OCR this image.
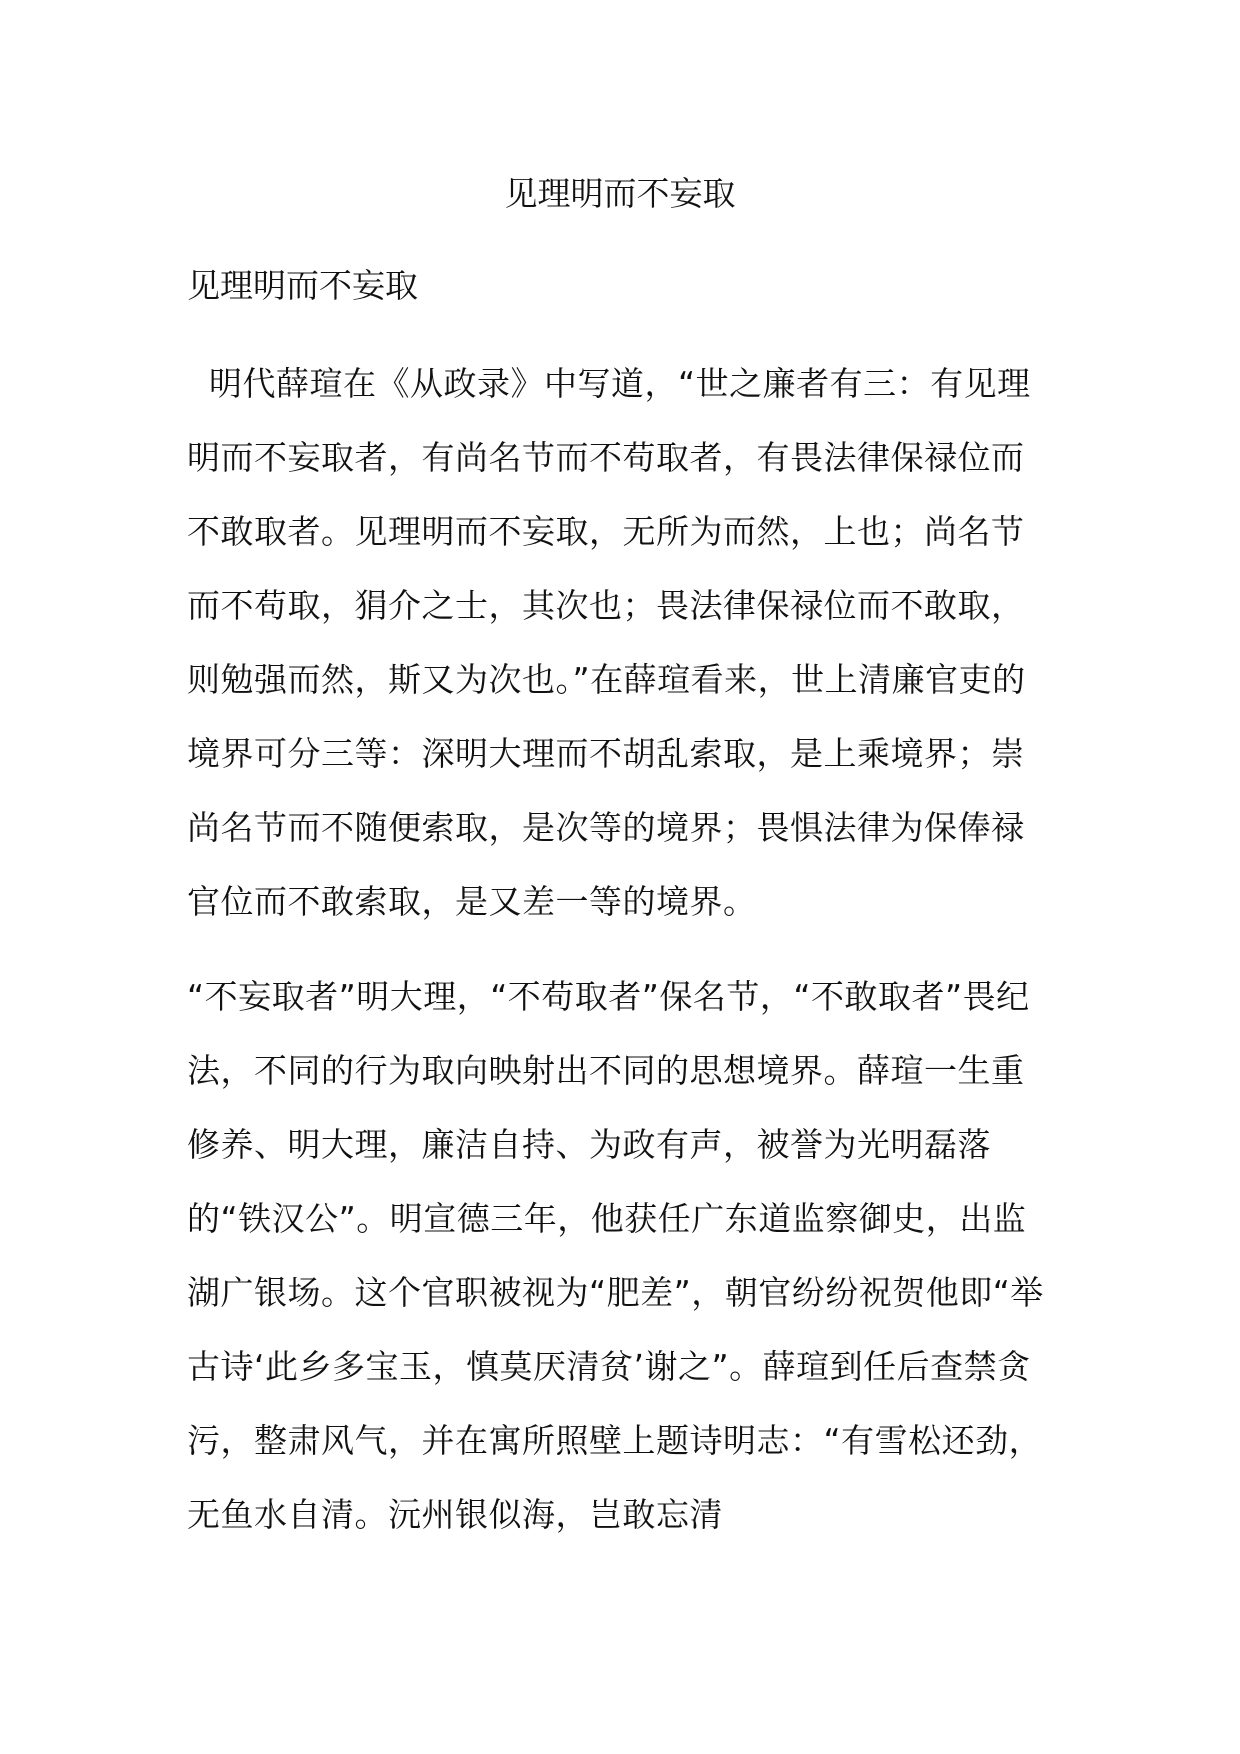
见理明而不妄取
见理明而不妄取

明代薛瑄在《从政录》中写道，“世之廉者有三：有见理明而不妄取者，有尚名节而不苟取者，有畏法律保禄位而不敢取者。见理明而不妄取，无所为而然，上也；尚名节而不苟取，狷介之士，其次也；畏法律保禄位而不敢取，则勉强而然，斯又为次也。”在薛瑄看来，世上清廉官吏的境界可分三等：深明大理而不胡乱索取，是上乘境界；崇尚名节而不随便索取，是次等的境界；畏惧法律为保俸禄官位而不敢索取，是又差一等的境界。

“不妄取者”明大理，“不苟取者”保名节，“不敢取者”畏纪法，不同的行为取向映射出不同的思想境界。薛瑄一生重修养、明大理，廉洁自持、为政有声，被誉为光明磊落的“铁汉公”。明宣德三年，他获任广东道监察御史，出监湖广银场。这个官职被视为“肥差”，朝官纷纷祝贺他即“举古诗‘此乡多宝玉，慎莫厌清贫’谢之”。薛瑄到任后查禁贪污，整肃风气，并在寓所照壁上题诗明志：“有雪松还劲，无鱼水自清。沅州银似海，岂敢忘清
